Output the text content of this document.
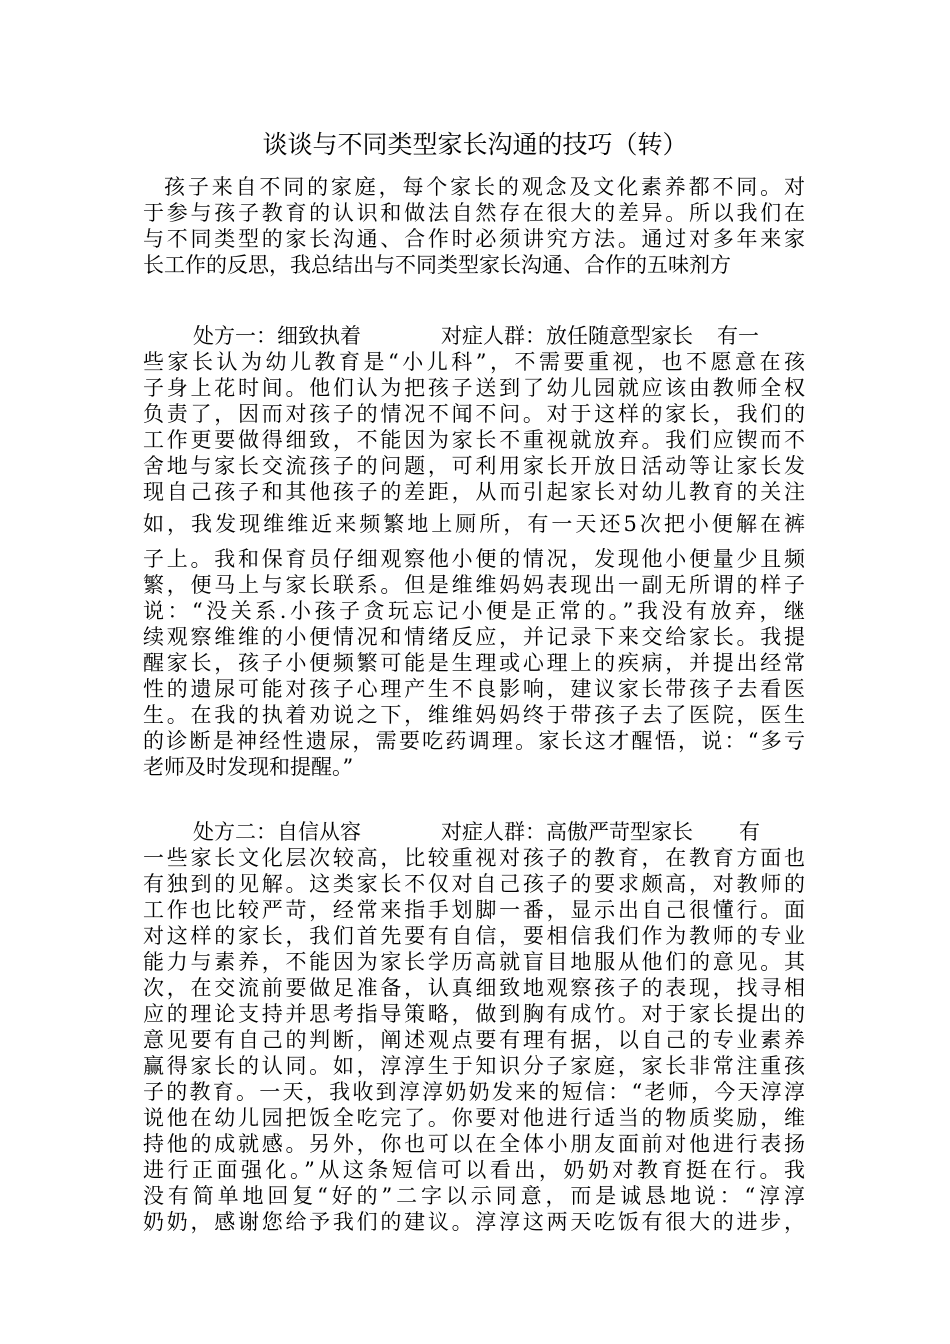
谈谈与不同类型家长沟通的技巧（转）
孩子来自不同的家庭，每个家长的观念及文化素养都不同。对
于参与孩子教育的认识和做法自然存在很大的差异。所以我们在
与不同类型的家长沟通、合作时必须讲究方法。通过对多年来家
长工作的反思，我总结出与不同类型家长沟通、合作的五味剂方
处方一：细致执着	对症人群：放任随意型家长 有一
些家长认为幼儿教育是“小儿科”，不需要重视，也不愿意在孩
子身上花时间。他们认为把孩子送到了幼儿园就应该由教师全权
负责了，因而对孩子的情况不闻不问。对于这样的家长，我们的
工作更要做得细致，不能因为家长不重视就放弃。我们应锲而不
舍地与家长交流孩子的问题，可利用家长开放日活动等让家长发
现自己孩子和其他孩子的差距，从而引起家长对幼儿教育的关注
如，我发现维维近来频繁地上厕所，有一天还5次把小便解在裤
子上。我和保育员仔细观察他小便的情况，发现他小便量少且频
繁，便马上与家长联系。但是维维妈妈表现出一副无所谓的样子
说：“没关系.小孩子贪玩忘记小便是正常的。”我没有放弃，继
续观察维维的小便情况和情绪反应，并记录下来交给家长。我提
醒家长，孩子小便频繁可能是生理或心理上的疾病，并提出经常
性的遗尿可能对孩子心理产生不良影响，建议家长带孩子去看医
生。在我的执着劝说之下，维维妈妈终于带孩子去了医院，医生
的诊断是神经性遗尿，需要吃药调理。家长这才醒悟，说：“多亏
老师及时发现和提醒。”
处方二：自信从容	对症人群：高傲严苛型家长 有
一些家长文化层次较高，比较重视对孩子的教育，在教育方面也
有独到的见解。这类家长不仅对自己孩子的要求颇高，对教师的
工作也比较严苛，经常来指手划脚一番，显示出自己很懂行。面
对这样的家长，我们首先要有自信，要相信我们作为教师的专业
能力与素养，不能因为家长学历高就盲目地服从他们的意见。其
次，在交流前要做足准备，认真细致地观察孩子的表现，找寻相
应的理论支持并思考指导策略，做到胸有成竹。对于家长提出的
意见要有自己的判断，阐述观点要有理有据，以自己的专业素养
赢得家长的认同。如，淳淳生于知识分子家庭，家长非常注重孩
子的教育。一天，我收到淳淳奶奶发来的短信：“老师，今天淳淳
说他在幼儿园把饭全吃完了。你要对他进行适当的物质奖励，维
持他的成就感。另外，你也可以在全体小朋友面前对他进行表扬
进行正面强化。”从这条短信可以看出，奶奶对教育挺在行。我
没有简单地回复“好的”二字以示同意，而是诚恳地说：“淳淳
奶奶，感谢您给予我们的建议。淳淳这两天吃饭有很大的进步，
